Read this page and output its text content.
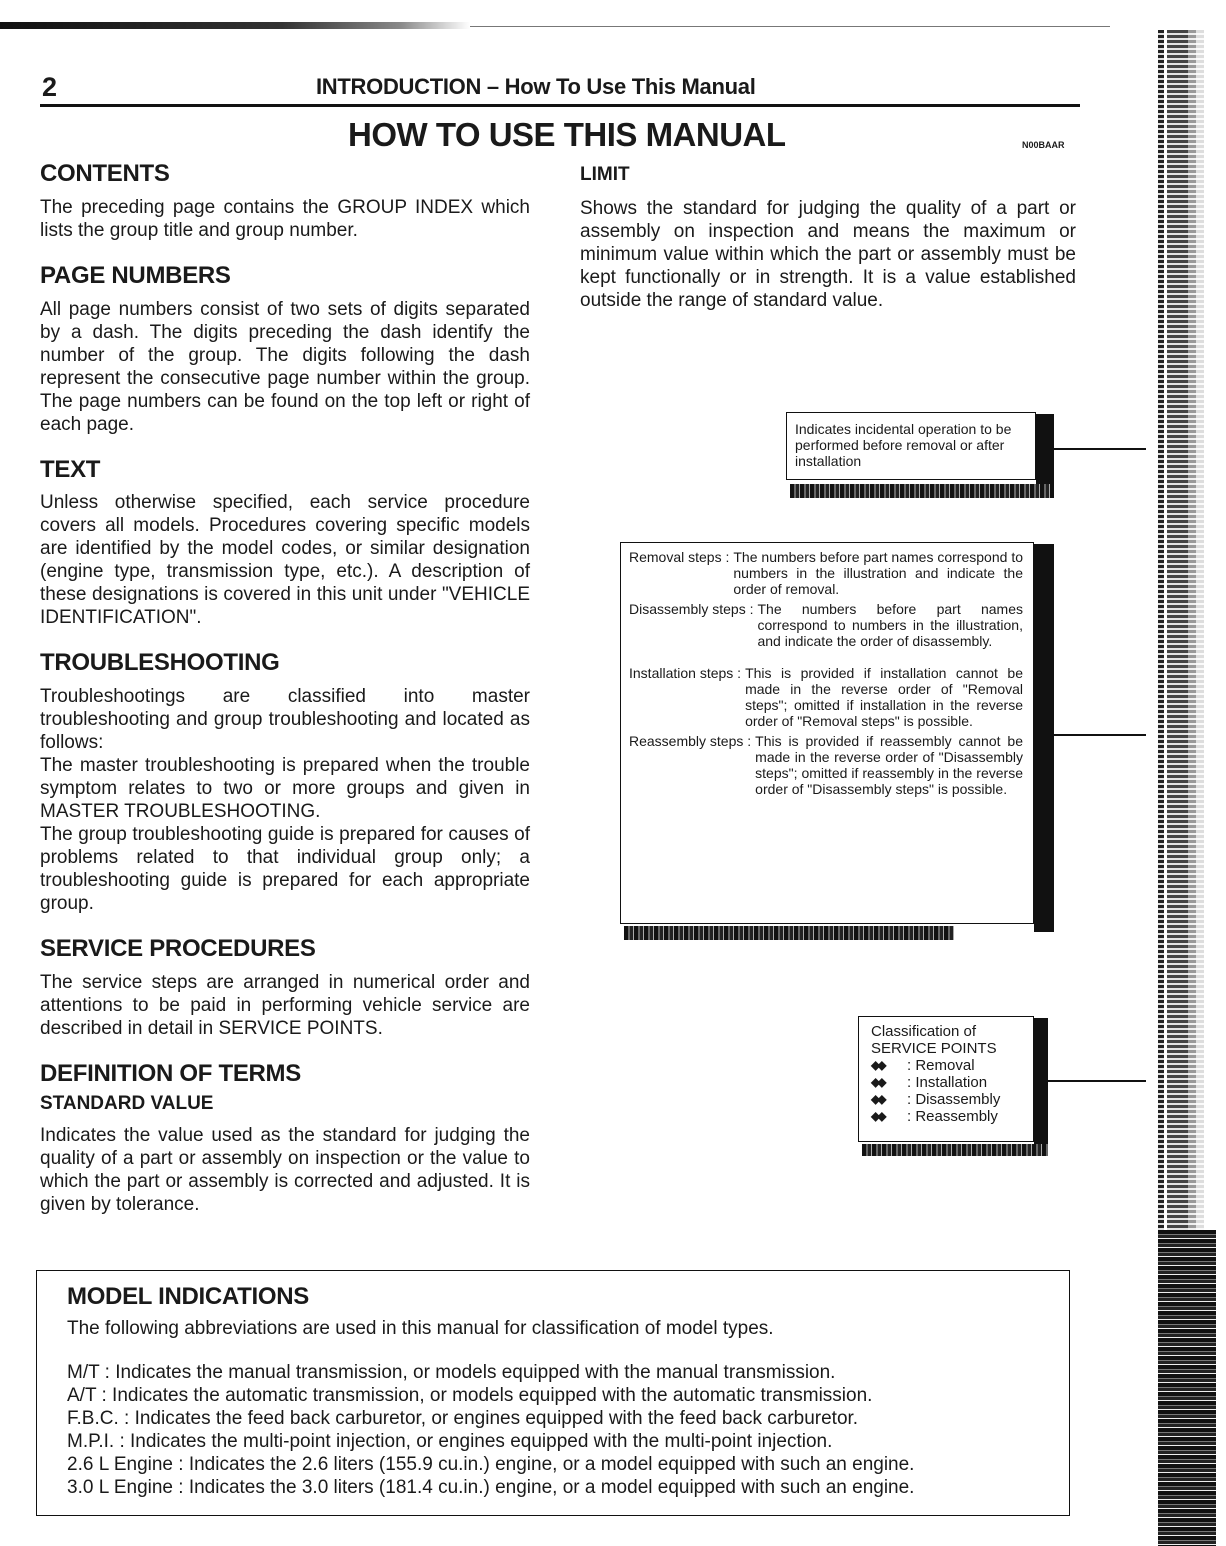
2	INTRODUCTION – How To Use This Manual
HOW TO USE THIS MANUAL	N00BAAR
CONTENTS

The preceding page contains the GROUP INDEX which lists the group title and group number.

PAGE NUMBERS

All page numbers consist of two sets of digits separated by a dash. The digits preceding the dash identify the number of the group. The digits following the dash represent the consecutive page number within the group. The page numbers can be found on the top left or right of each page.

TEXT

Unless otherwise specified, each service procedure covers all models. Procedures covering specific models are identified by the model codes, or similar designation (engine type, transmission type, etc.). A description of these designations is covered in this unit under "VEHICLE IDENTIFICATION".

TROUBLESHOOTING

Troubleshootings are classified into master troubleshooting and group troubleshooting and located as follows:

The master troubleshooting is prepared when the trouble symptom relates to two or more groups and given in MASTER TROUBLESHOOTING.

The group troubleshooting guide is prepared for causes of problems related to that individual group only; a troubleshooting guide is prepared for each appropriate group.

SERVICE PROCEDURES

The service steps are arranged in numerical order and attentions to be paid in performing vehicle service are described in detail in SERVICE POINTS.

DEFINITION OF TERMS
STANDARD VALUE

Indicates the value used as the standard for judging the quality of a part or assembly on inspection or the value to which the part or assembly is corrected and adjusted. It is given by tolerance.

LIMIT

Shows the standard for judging the quality of a part or assembly on inspection and means the maximum or minimum value within which the part or assembly must be kept functionally or in strength. It is a value established outside the range of standard value.

Indicates incidental operation to be performed before removal or after installation
Removal steps : The numbers before part names correspond to numbers in the illustration and indicate the order of removal.
Disassembly steps : The numbers before part names correspond to numbers in the illustration, and indicate the order of disassembly.
Installation steps : This is provided if installation cannot be made in the reverse order of "Removal steps"; omitted if installation in the reverse order of "Removal steps" is possible.
Reassembly steps : This is provided if reassembly cannot be made in the reverse order of "Disassembly steps"; omitted if reassembly in the reverse order of "Disassembly steps" is possible.
Classification of
SERVICE POINTS
◆◆	: Removal
◆◆	: Installation
◆◆	: Disassembly
◆◆	: Reassembly
MODEL INDICATIONS

The following abbreviations are used in this manual for classification of model types.

M/T : Indicates the manual transmission, or models equipped with the manual transmission.
A/T : Indicates the automatic transmission, or models equipped with the automatic transmission.
F.B.C. : Indicates the feed back carburetor, or engines equipped with the feed back carburetor.
M.P.I. : Indicates the multi-point injection, or engines equipped with the multi-point injection.
2.6 L Engine : Indicates the 2.6 liters (155.9 cu.in.) engine, or a model equipped with such an engine.
3.0 L Engine : Indicates the 3.0 liters (181.4 cu.in.) engine, or a model equipped with such an engine.
